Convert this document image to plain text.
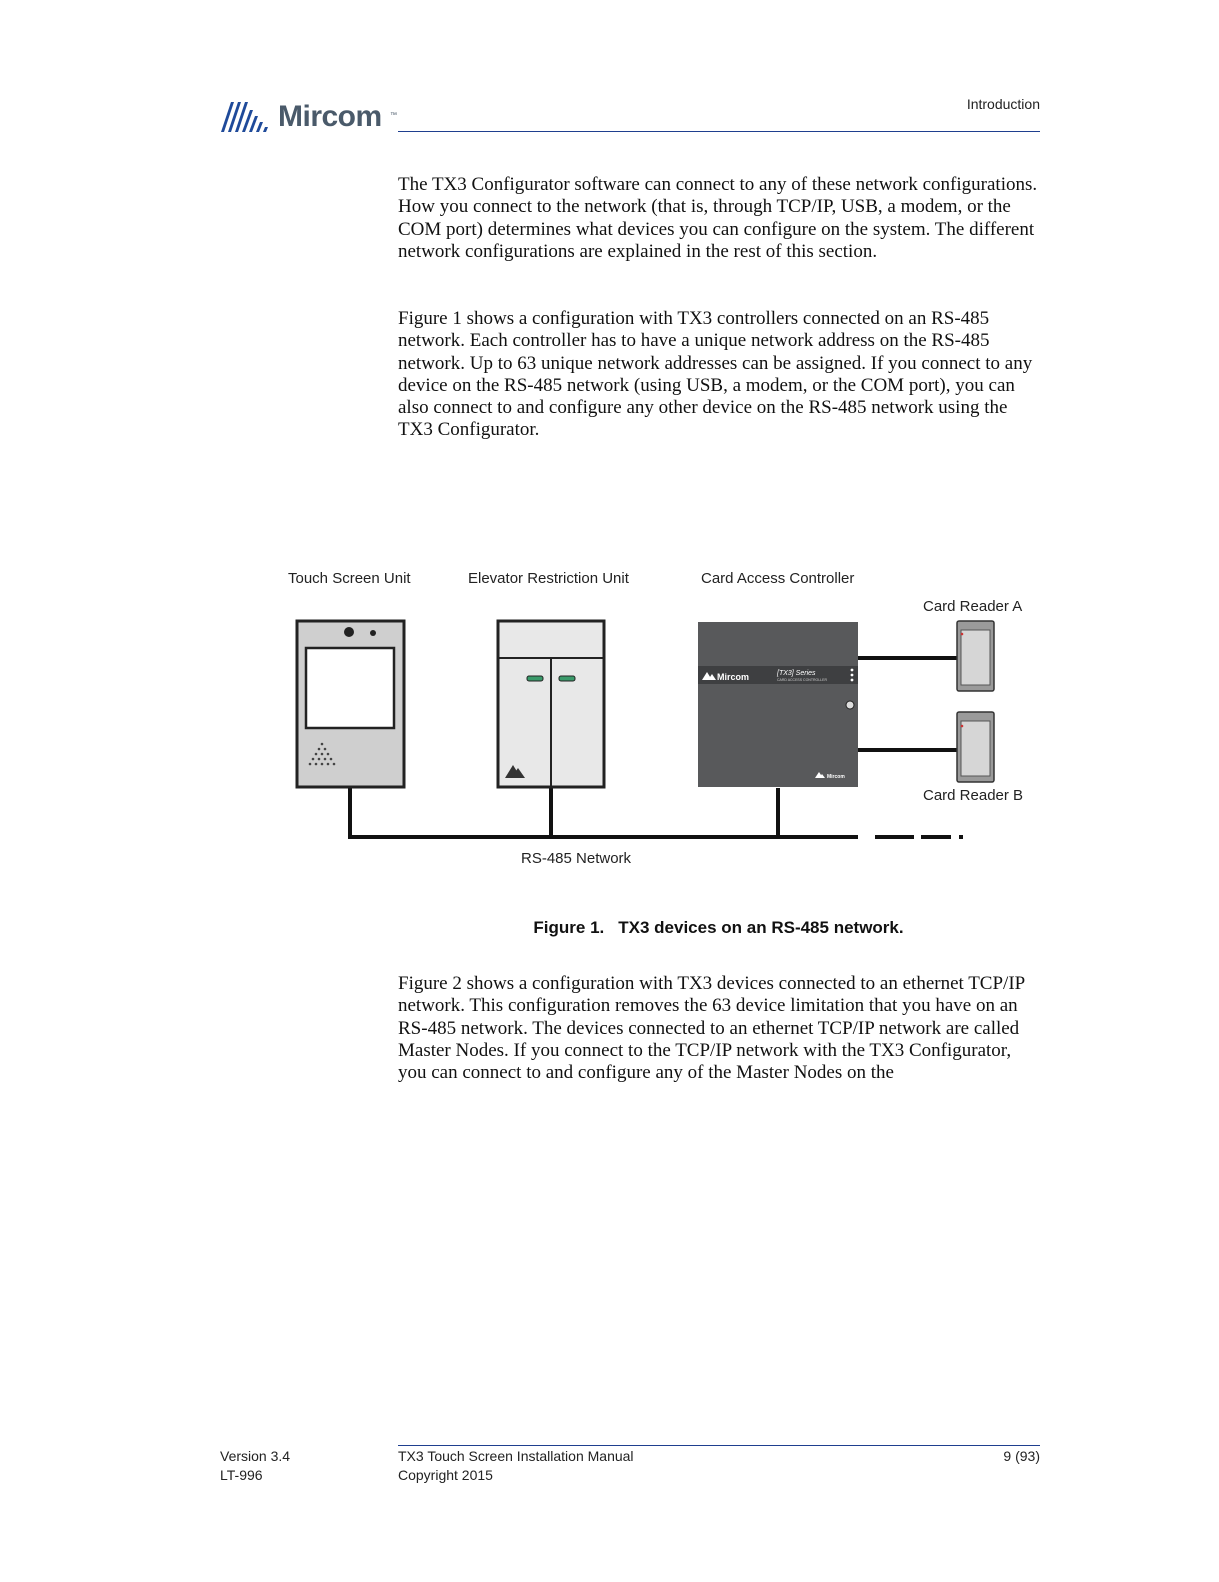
Mircom ™
Introduction
The TX3 Configurator software can connect to any of these network configurations. How you connect to the network (that is, through TCP/IP, USB, a modem, or the COM port) determines what devices you can configure on the system. The different network configurations are explained in the rest of this section.
Figure 1 shows a configuration with TX3 controllers connected on an RS-485 network. Each controller has to have a unique network address on the RS-485 network. Up to 63 unique network addresses can be assigned. If you connect to any device on the RS-485 network (using USB, a modem, or the COM port), you can also connect to and configure any other device on the RS-485 network using the TX3 Configurator.
Touch Screen Unit	Elevator Restriction Unit	Card Access Controller
Card Reader A
Card Reader B
RS-485 Network
Mircom	[TX3] Series
CARD ACCESS CONTROLLER
Mircom
Figure 1. TX3 devices on an RS-485 network.
Figure 2 shows a configuration with TX3 devices connected to an ethernet TCP/IP network. This configuration removes the 63 device limitation that you have on an RS-485 network. The devices connected to an ethernet TCP/IP network are called Master Nodes. If you connect to the TCP/IP network with the TX3 Configurator, you can connect to and configure any of the Master Nodes on the
Version 3.4
LT-996
TX3 Touch Screen Installation Manual
Copyright 2015
9 (93)
